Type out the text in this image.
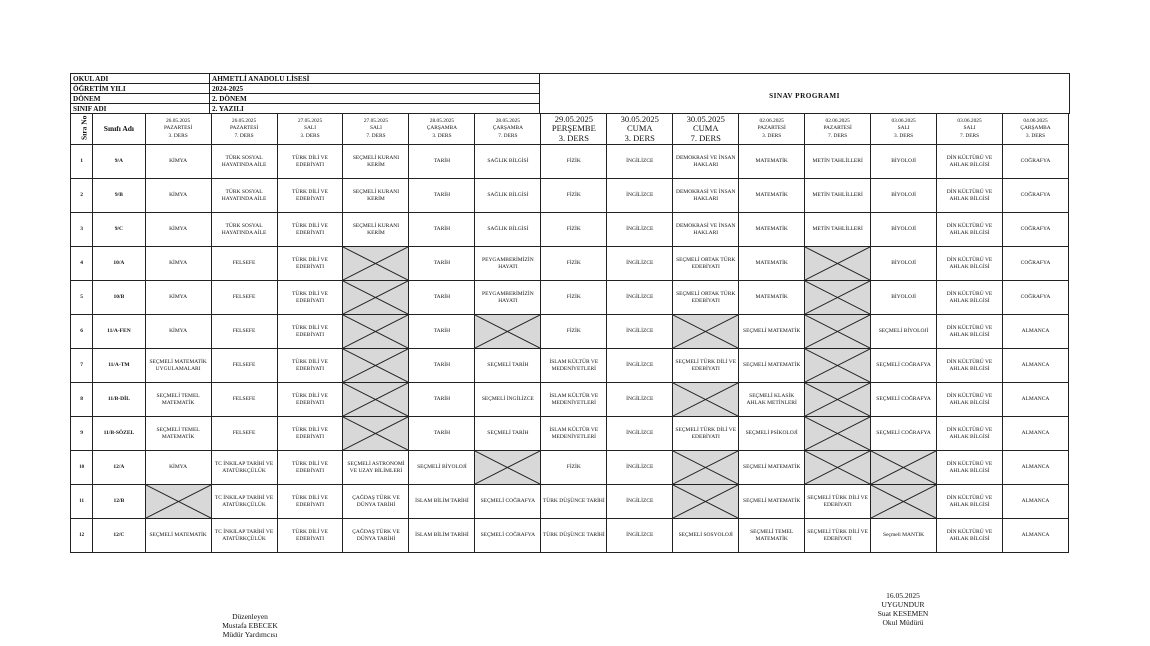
OKUL ADI	AHMETLİ ANADOLU LİSESİ	SINAV PROGRAMI
ÖĞRETİM YILI	2024-2025	
DÖNEM	2. DÖNEM	
SINIF ADI	2. YAZILI	
Sıra No	Sınıfı Adı	26.05.2025
PAZARTESİ
3. DERS	26.05.2025
PAZARTESİ
7. DERS	27.05.2025
SALI
3. DERS	27.05.2025
SALI
7. DERS	28.05.2025
ÇARŞAMBA
3. DERS	28.05.2025
ÇARŞAMBA
7. DERS	29.05.2025
PERŞEMBE
3. DERS	30.05.2025
CUMA
3. DERS	30.05.2025
CUMA
7. DERS	02.06.2025
PAZARTESİ
3. DERS	02.06.2025
PAZARTESİ
7. DERS	03.06.2025
SALI
3. DERS	03.06.2025
SALI
7. DERS	04.06.2025
ÇARŞAMBA
3. DERS

1	9/A	KİMYA	TÜRK SOSYAL HAYATINDA AİLE	TÜRK DİLİ VE EDEBİYATI	SEÇMELİ KURANI KERİM	TARİH	SAĞLIK BİLGİSİ	FİZİK	İNGİLİZCE	DEMOKRASİ VE İNSAN HAKLARI	MATEMATİK	METİN TAHLİLLERİ	BİYOLOJİ	DİN KÜLTÜRÜ VE AHLAK BİLGİSİ	COĞRAFYA
2	9/B	KİMYA	TÜRK SOSYAL HAYATINDA AİLE	TÜRK DİLİ VE EDEBİYATI	SEÇMELİ KURANI KERİM	TARİH	SAĞLIK BİLGİSİ	FİZİK	İNGİLİZCE	DEMOKRASİ VE İNSAN HAKLARI	MATEMATİK	METİN TAHLİLLERİ	BİYOLOJİ	DİN KÜLTÜRÜ VE AHLAK BİLGİSİ	COĞRAFYA
3	9/C	KİMYA	TÜRK SOSYAL HAYATINDA AİLE	TÜRK DİLİ VE EDEBİYATI	SEÇMELİ KURANI KERİM	TARİH	SAĞLIK BİLGİSİ	FİZİK	İNGİLİZCE	DEMOKRASİ VE İNSAN HAKLARI	MATEMATİK	METİN TAHLİLLERİ	BİYOLOJİ	DİN KÜLTÜRÜ VE AHLAK BİLGİSİ	COĞRAFYA
4	10/A	KİMYA	FELSEFE	TÜRK DİLİ VE EDEBİYATI		TARİH	PEYGAMBERİMİZİN HAYATI	FİZİK	İNGİLİZCE	SEÇMELİ ORTAK TÜRK EDEBİYATI	MATEMATİK		BİYOLOJİ	DİN KÜLTÜRÜ VE AHLAK BİLGİSİ	COĞRAFYA
5	10/B	KİMYA	FELSEFE	TÜRK DİLİ VE EDEBİYATI		TARİH	PEYGAMBERİMİZİN HAYATI	FİZİK	İNGİLİZCE	SEÇMELİ ORTAK TÜRK EDEBİYATI	MATEMATİK		BİYOLOJİ	DİN KÜLTÜRÜ VE AHLAK BİLGİSİ	COĞRAFYA
6	11/A-FEN	KİMYA	FELSEFE	TÜRK DİLİ VE EDEBİYATI		TARİH		FİZİK	İNGİLİZCE		SEÇMELİ MATEMATİK		SEÇMELİ BİYOLOJİ	DİN KÜLTÜRÜ VE AHLAK BİLGİSİ	ALMANCA
7	11/A-TM	SEÇMELİ MATEMATİK UYGULAMALARI	FELSEFE	TÜRK DİLİ VE EDEBİYATI		TARİH	SEÇMELİ TARİH	İSLAM KÜLTÜR VE MEDENİYETLERİ	İNGİLİZCE	SEÇMELİ TÜRK DİLİ VE EDEBİYATI	SEÇMELİ MATEMATİK		SEÇMELİ COĞRAFYA	DİN KÜLTÜRÜ VE AHLAK BİLGİSİ	ALMANCA
8	11/B-DİL	SEÇMELİ TEMEL MATEMATİK	FELSEFE	TÜRK DİLİ VE EDEBİYATI		TARİH	SEÇMELİ İNGİLİZCE	İSLAM KÜLTÜR VE MEDENİYETLERİ	İNGİLİZCE		SEÇMELİ KLASİK AHLAK METİNLERİ		SEÇMELİ COĞRAFYA	DİN KÜLTÜRÜ VE AHLAK BİLGİSİ	ALMANCA
9	11/B-SÖZEL	SEÇMELİ TEMEL MATEMATİK	FELSEFE	TÜRK DİLİ VE EDEBİYATI		TARİH	SEÇMELİ TARİH	İSLAM KÜLTÜR VE MEDENİYETLERİ	İNGİLİZCE	SEÇMELİ TÜRK DİLİ VE EDEBİYATI	SEÇMELİ PSİKOLOJİ		SEÇMELİ COĞRAFYA	DİN KÜLTÜRÜ VE AHLAK BİLGİSİ	ALMANCA
10	12/A	KİMYA	TC İNKILAP TARİHİ VE ATATÜRKÇÜLÜK	TÜRK DİLİ VE EDEBİYATI	SEÇMELİ ASTRONOMİ VE UZAY BİLİMLERİ	SEÇMELİ BİYOLOJİ		FİZİK	İNGİLİZCE		SEÇMELİ MATEMATİK			DİN KÜLTÜRÜ VE AHLAK BİLGİSİ	ALMANCA
11	12/B		TC İNKILAP TARİHİ VE ATATÜRKÇÜLÜK	TÜRK DİLİ VE EDEBİYATI	ÇAĞDAŞ TÜRK VE DÜNYA TARİHİ	İSLAM BİLİM TARİHİ	SEÇMELİ COĞRAFYA	TÜRK DÜŞÜNCE TARİHİ	İNGİLİZCE		SEÇMELİ MATEMATİK	SEÇMELİ TÜRK DİLİ VE EDEBİYATI		DİN KÜLTÜRÜ VE AHLAK BİLGİSİ	ALMANCA
12	12/C	SEÇMELİ MATEMATİK	TC İNKILAP TARİHİ VE ATATÜRKÇÜLÜK	TÜRK DİLİ VE EDEBİYATI	ÇAĞDAŞ TÜRK VE DÜNYA TARİHİ	İSLAM BİLİM TARİHİ	SEÇMELİ COĞRAFYA	TÜRK DÜŞÜNCE TARİHİ	İNGİLİZCE	SEÇMELİ SOSYOLOJİ	SEÇMELİ TEMEL MATEMATİK	SEÇMELİ TÜRK DİLİ VE EDEBİYATI	Seçmeli MANTIK	DİN KÜLTÜRÜ VE AHLAK BİLGİSİ	ALMANCA
Düzenleyen
Mustafa EBECEK
Müdür Yardımcısı
16.05.2025
UYGUNDUR
Suat KESEMEN
Okul Müdürü
